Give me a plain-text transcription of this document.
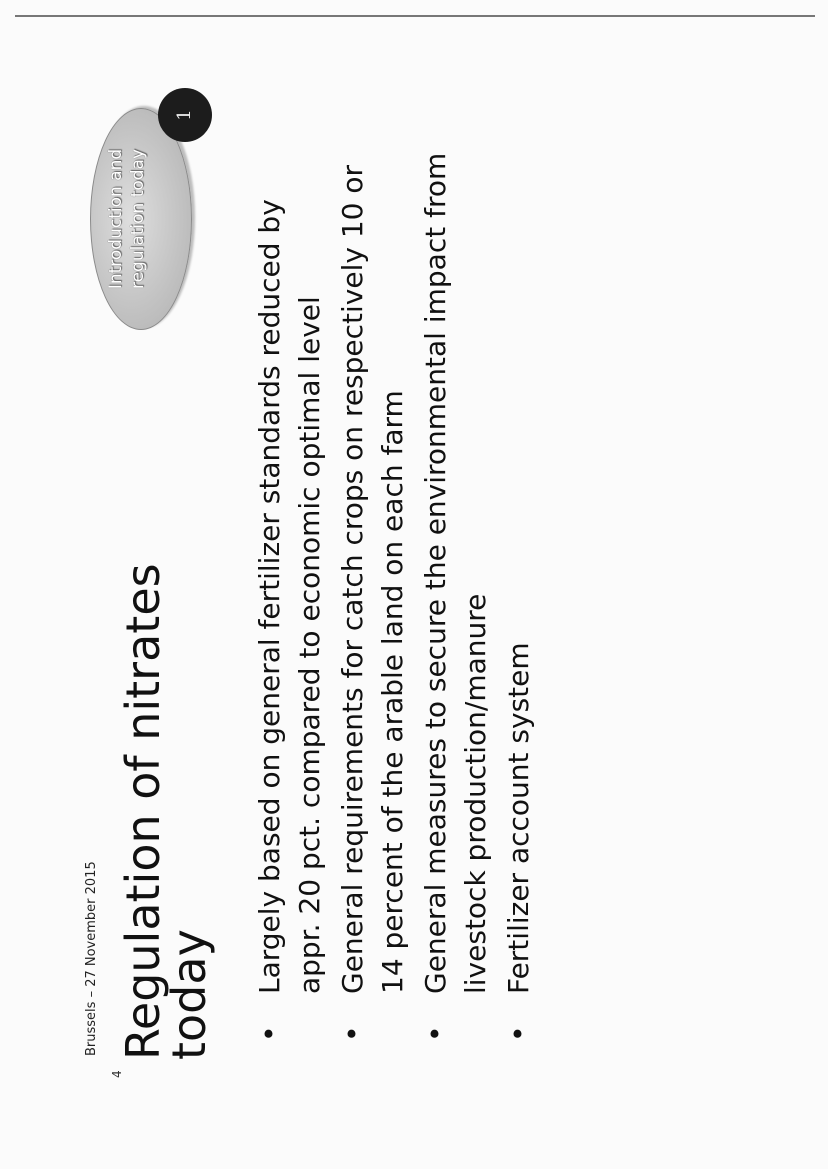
4
Brussels – 27 November 2015 Regulation of nitrates today •
Largely based on general fertilizer standards reduced by appr. 20 pct. compared to economic optimal level
•
General requirements for catch crops on respectively 10 or 14 percent of the arable land on each farm
•
General measures to secure the environmental impact from livestock production/manure
•
Fertilizer account system
Introduction and regulation today
1
